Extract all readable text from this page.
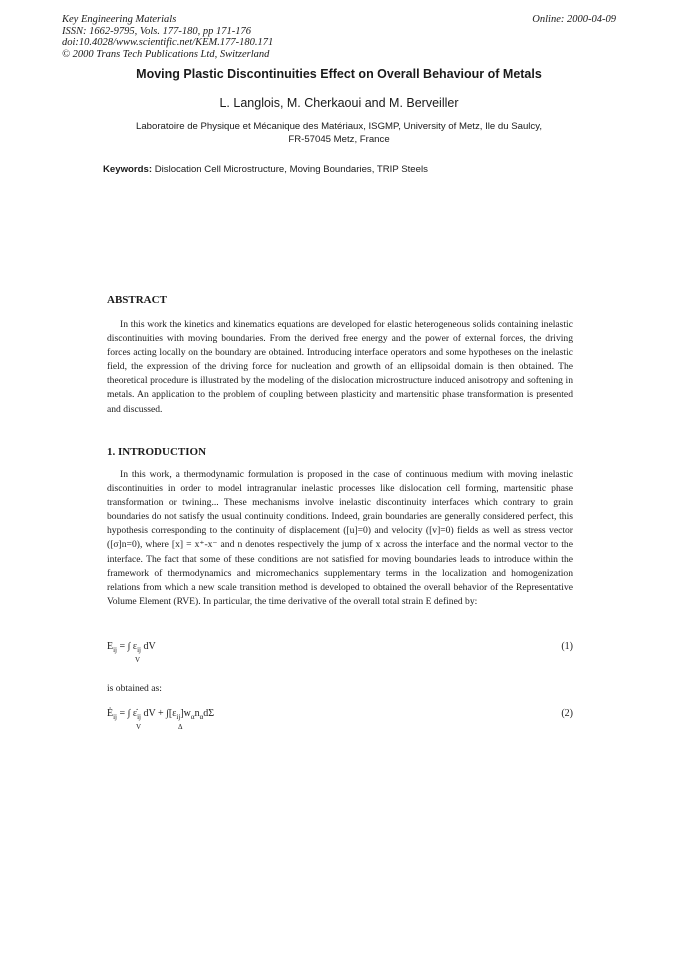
Key Engineering Materials
ISSN: 1662-9795, Vols. 177-180, pp 171-176
doi:10.4028/www.scientific.net/KEM.177-180.171
© 2000 Trans Tech Publications Ltd, Switzerland
Online: 2000-04-09
Moving Plastic Discontinuities Effect on Overall Behaviour of Metals
L. Langlois, M. Cherkaoui and M. Berveiller
Laboratoire de Physique et Mécanique des Matériaux, ISGMP, University of Metz, Ile du Saulcy,
FR-57045 Metz, France
Keywords: Dislocation Cell Microstructure, Moving Boundaries, TRIP Steels
ABSTRACT
In this work the kinetics and kinematics equations are developed for elastic heterogeneous solids containing inelastic discontinuities with moving boundaries. From the derived free energy and the power of external forces, the driving forces acting locally on the boundary are obtained. Introducing interface operators and some hypotheses on the inelastic field, the expression of the driving force for nucleation and growth of an ellipsoidal domain is then obtained. The theoretical procedure is illustrated by the modeling of the dislocation microstructure induced anisotropy and softening in metals. An application to the problem of coupling between plasticity and martensitic phase transformation is presented and discussed.
1. INTRODUCTION
In this work, a thermodynamic formulation is proposed in the case of continuous medium with moving inelastic discontinuities in order to model intragranular inelastic processes like dislocation cell forming, martensitic phase transformation or twining... These mechanisms involve inelastic discontinuity interfaces which contrary to grain boundaries do not satisfy the usual continuity conditions. Indeed, grain boundaries are generally considered perfect, this hypothesis corresponding to the continuity of displacement ([u]=0) and velocity ([v]=0) fields as well as stress vector ([σ]n=0), where [x] = x⁺-x⁻ and n denotes respectively the jump of x across the interface and the normal vector to the interface. The fact that some of these conditions are not satisfied for moving boundaries leads to introduce within the framework of thermodynamics and micromechanics supplementary terms in the localization and homogenization relations from which a new scale transition method is developed to obtained the overall behavior of the Representative Volume Element (RVE). In particular, the time derivative of the overall total strain E defined by:
$E_{ij}$ = ∫ $\varepsilon_{ij}$ dV
V
(1)
is obtained as:
$Ė_{ij}$ = ∫ $\varepsiloṅ_{ij}$ dV + $\int[\varepsilon_{ij}]w_\alpha n_\alpha d\Sigma$
V	Δ
(2)
